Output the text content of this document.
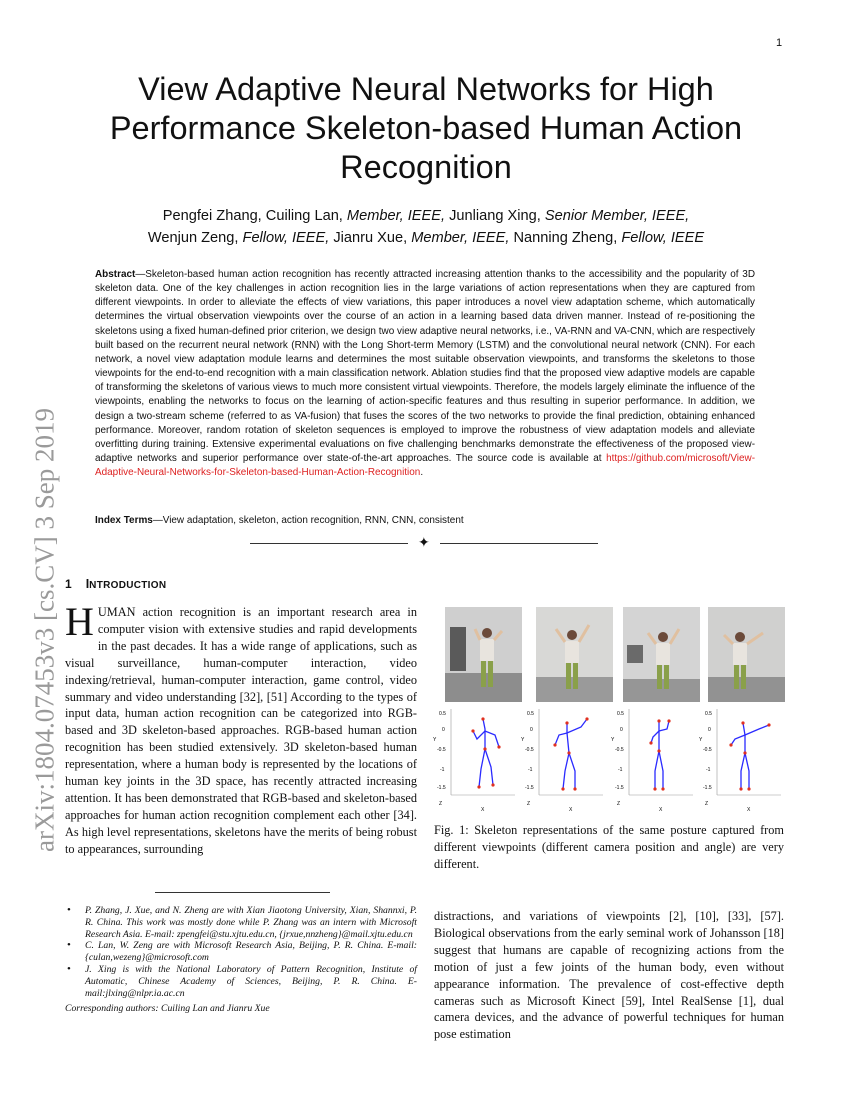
1
arXiv:1804.07453v3 [cs.CV] 3 Sep 2019
View Adaptive Neural Networks for High Performance Skeleton-based Human Action Recognition
Pengfei Zhang, Cuiling Lan, Member, IEEE, Junliang Xing, Senior Member, IEEE,
Wenjun Zeng, Fellow, IEEE, Jianru Xue, Member, IEEE, Nanning Zheng, Fellow, IEEE
Abstract—Skeleton-based human action recognition has recently attracted increasing attention thanks to the accessibility and the popularity of 3D skeleton data. One of the key challenges in action recognition lies in the large variations of action representations when they are captured from different viewpoints. In order to alleviate the effects of view variations, this paper introduces a novel view adaptation scheme, which automatically determines the virtual observation viewpoints over the course of an action in a learning based data driven manner. Instead of re-positioning the skeletons using a fixed human-defined prior criterion, we design two view adaptive neural networks, i.e., VA-RNN and VA-CNN, which are respectively built based on the recurrent neural network (RNN) with the Long Short-term Memory (LSTM) and the convolutional neural network (CNN). For each network, a novel view adaptation module learns and determines the most suitable observation viewpoints, and transforms the skeletons to those viewpoints for the end-to-end recognition with a main classification network. Ablation studies find that the proposed view adaptive models are capable of transforming the skeletons of various views to much more consistent virtual viewpoints. Therefore, the models largely eliminate the influence of the viewpoints, enabling the networks to focus on the learning of action-specific features and thus resulting in superior performance. In addition, we design a two-stream scheme (referred to as VA-fusion) that fuses the scores of the two networks to provide the final prediction, obtaining enhanced performance. Moreover, random rotation of skeleton sequences is employed to improve the robustness of view adaptation models and alleviate overfitting during training. Extensive experimental evaluations on five challenging benchmarks demonstrate the effectiveness of the proposed view-adaptive networks and superior performance over state-of-the-art approaches. The source code is available at https://github.com/microsoft/View-Adaptive-Neural-Networks-for-Skeleton-based-Human-Action-Recognition.
Index Terms—View adaptation, skeleton, action recognition, RNN, CNN, consistent
✦
1 INTRODUCTION
HUMAN action recognition is an important research area in computer vision with extensive studies and rapid developments in the past decades. It has a wide range of applications, such as visual surveillance, human-computer interaction, video indexing/retrieval, human-computer interaction, game control, video summary and video understanding [32], [51] According to the types of input data, human action recognition can be categorized into RGB-based and 3D skeleton-based approaches. RGB-based human action recognition has been studied extensively. 3D skeleton-based human representation, where a human body is represented by the locations of human key joints in the 3D space, has recently attracted increasing attention. It has been demonstrated that RGB-based and skeleton-based approaches for human action recognition complement each other [34]. As high level representations, skeletons have the merits of being robust to appearances, surrounding
• P. Zhang, J. Xue, and N. Zheng are with Xian Jiaotong University, Xian, Shannxi, P. R. China. This work was mostly done while P. Zhang was an intern with Microsoft Research Asia. E-mail: zpengfei@stu.xjtu.edu.cn, {jrxue,nnzheng}@mail.xjtu.edu.cn
• C. Lan, W. Zeng are with Microsoft Research Asia, Beijing, P. R. China. E-mail: {culan,wezeng}@microsoft.com
• J. Xing is with the National Laboratory of Pattern Recognition, Institute of Automatic, Chinese Academy of Sciences, Beijing, P. R. China. E-mail:jlxing@nlpr.ia.ac.cn
Corresponding authors: Cuiling Lan and Jianru Xue
0.5
0
-0.5
-1
-1.5
Y
X
Z
0.5
0
-0.5
-1
-1.5
Y
X
Z
0.5
0
-0.5
-1
-1.5
Y
X
Z
0.5
0
-0.5
-1
-1.5
Y
X
Z
Fig. 1: Skeleton representations of the same posture captured from different viewpoints (different camera position and angle) are very different.
distractions, and variations of viewpoints [2], [10], [33], [57]. Biological observations from the early seminal work of Johansson [18] suggest that humans are capable of recognizing actions from the motion of just a few joints of the human body, even without appearance information. The prevalence of cost-effective depth cameras such as Microsoft Kinect [59], Intel RealSense [1], dual camera devices, and the advance of powerful techniques for human pose estimation
